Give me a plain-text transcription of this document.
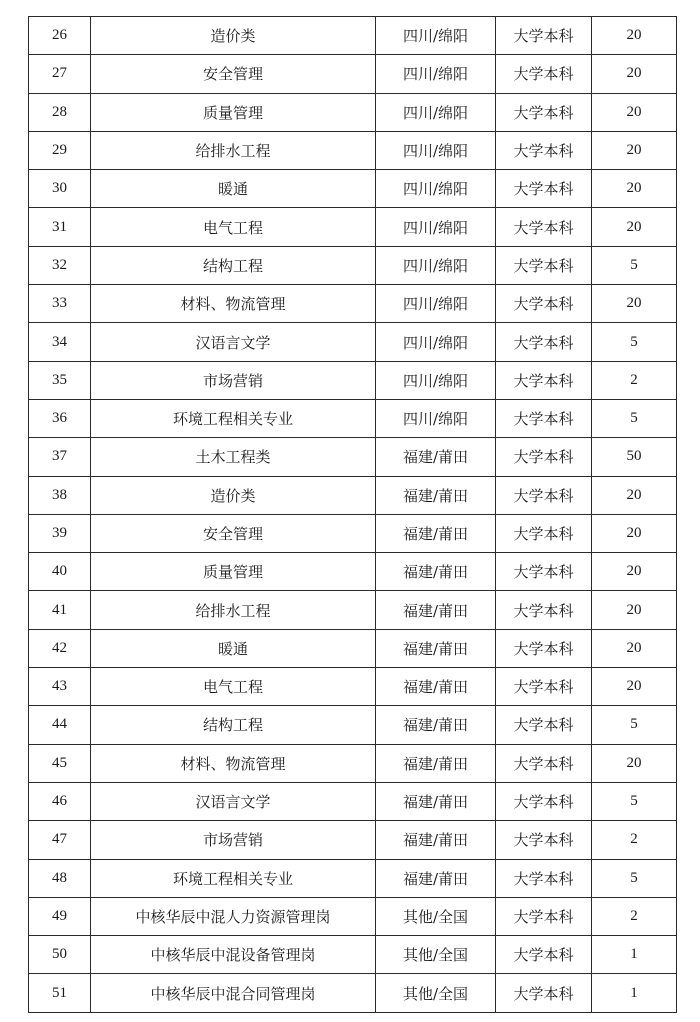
26	造价类	四川/绵阳	大学本科	20
27	安全管理	四川/绵阳	大学本科	20
28	质量管理	四川/绵阳	大学本科	20
29	给排水工程	四川/绵阳	大学本科	20
30	暖通	四川/绵阳	大学本科	20
31	电气工程	四川/绵阳	大学本科	20
32	结构工程	四川/绵阳	大学本科	5
33	材料、物流管理	四川/绵阳	大学本科	20
34	汉语言文学	四川/绵阳	大学本科	5
35	市场营销	四川/绵阳	大学本科	2
36	环境工程相关专业	四川/绵阳	大学本科	5
37	土木工程类	福建/莆田	大学本科	50
38	造价类	福建/莆田	大学本科	20
39	安全管理	福建/莆田	大学本科	20
40	质量管理	福建/莆田	大学本科	20
41	给排水工程	福建/莆田	大学本科	20
42	暖通	福建/莆田	大学本科	20
43	电气工程	福建/莆田	大学本科	20
44	结构工程	福建/莆田	大学本科	5
45	材料、物流管理	福建/莆田	大学本科	20
46	汉语言文学	福建/莆田	大学本科	5
47	市场营销	福建/莆田	大学本科	2
48	环境工程相关专业	福建/莆田	大学本科	5
49	中核华辰中混人力资源管理岗	其他/全国	大学本科	2
50	中核华辰中混设备管理岗	其他/全国	大学本科	1
51	中核华辰中混合同管理岗	其他/全国	大学本科	1
